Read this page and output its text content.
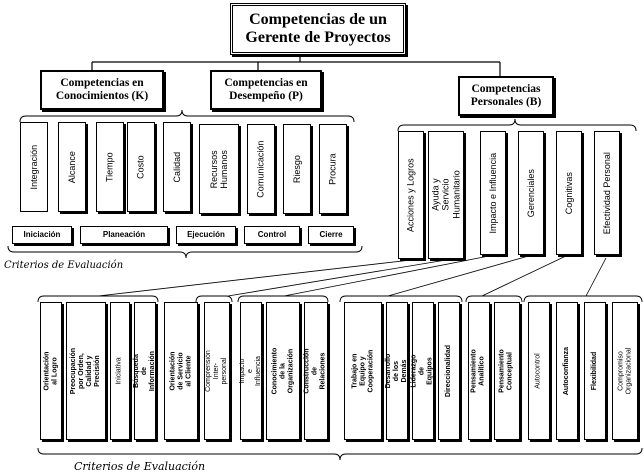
Competencias de un
Gerente de Proyectos
Competencias en
Conocimientos (K)
Competencias en
Desempeño (P)
Competencias
Personales (B)
Integración	Alcance	Tiempo Costo	Calidad	Recursos Humanos	Comunicación	Riesgo	Procura
Iniciación	Planeación	Ejecución	Control	Cierre
Criterios de Evaluación
Acciones y Logros Ayuda y Servicio Humanitario	Impacto e Influencia	Gerenciales	Cognitivas	Efectividad Personal
Orientación al Logro Preocupación por Orden, Calidad y Precisión Iniciativa Búsqueda de Información Orientación de Servicio al Cliente Comprensión Inter-personal Impacto e Influencia Conocimiento de la Organización Construcción de Relaciones	Trabajo en Equipo y Cooperación Desarrollo de los Demás Liderazgo de Equipos Direccionalidad	Pensamiento Analítico Pensamiento Conceptual	Autocontrol	Autoconfianza	Flexibilidad	Compromiso Organizacional
Criterios de Evaluación
